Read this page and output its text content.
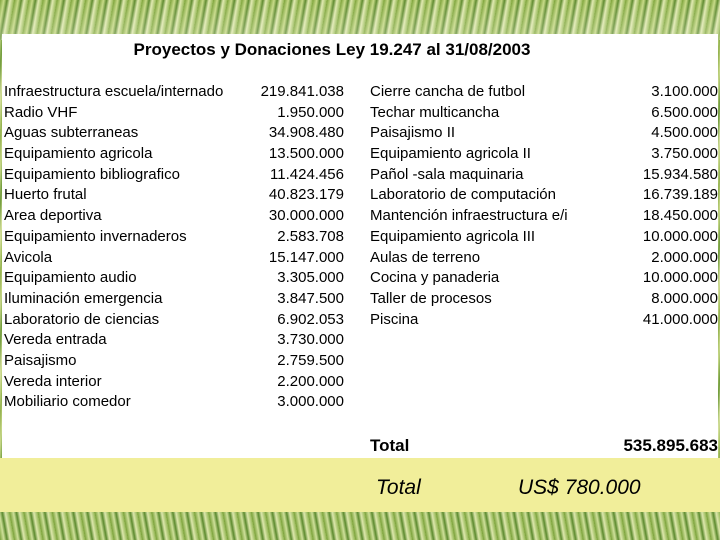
Proyectos y Donaciones Ley 19.247 al 31/08/2003
Infraestructura escuela/internado 219.841.038
Radio VHF	1.950.000
Aguas subterraneas	34.908.480
Equipamiento agricola	13.500.000
Equipamiento bibliografico	11.424.456
Huerto frutal	40.823.179
Area deportiva	30.000.000
Equipamiento invernaderos	2.583.708
Avicola	15.147.000
Equipamiento audio	3.305.000
Iluminación emergencia	3.847.500
Laboratorio de ciencias	6.902.053
Vereda entrada	3.730.000
Paisajismo	2.759.500
Vereda interior	2.200.000
Mobiliario comedor	3.000.000
Cierre cancha de futbol	3.100.000
Techar multicancha	6.500.000
Paisajismo II	4.500.000
Equipamiento agricola II	3.750.000
Pañol -sala maquinaria	15.934.580
Laboratorio de computación	16.739.189
Mantención infraestructura e/i	18.450.000
Equipamiento agricola III	10.000.000
Aulas de terreno	2.000.000
Cocina y panaderia	10.000.000
Taller de procesos	8.000.000
Piscina	41.000.000
Total	535.895.683
Total	US$ 780.000
